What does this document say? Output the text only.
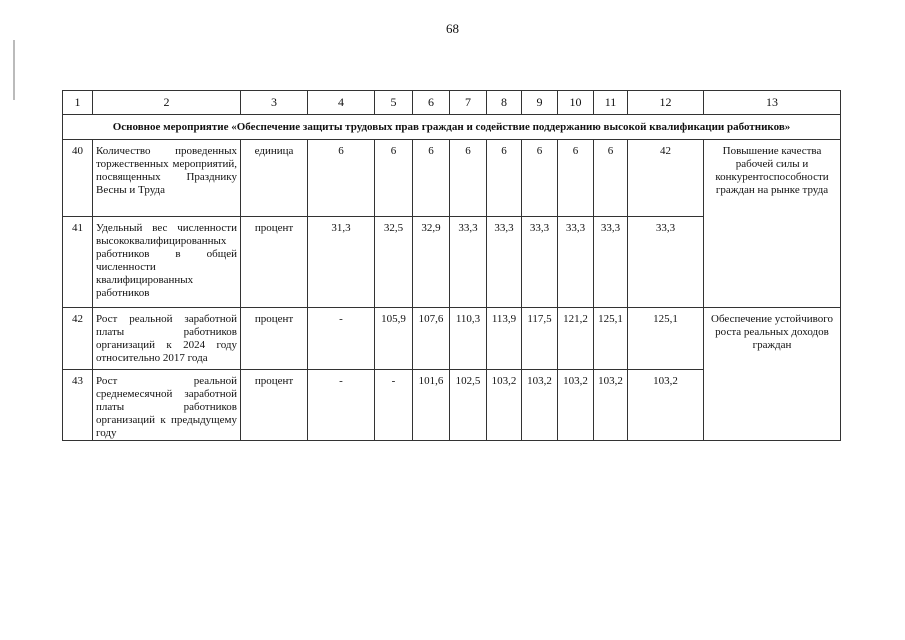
68
1	2	3	4	5	6	7	8	9	10	11	12	13
Основное мероприятие «Обеспечение защиты трудовых прав граждан и содействие поддержанию высокой квалификации работников»												
40	Количество проведенных торжественных мероприятий, посвященных Празднику Весны и Труда	единица	6	6	6	6	6	6	6	6	42	Повышение качества рабочей силы и конкурентоспособности граждан на рынке труда
41	Удельный вес численности высококвалифицированных работников в общей численности квалифицированных работников	процент	31,3	32,5	32,9	33,3	33,3	33,3	33,3	33,3	33,3	
42	Рост реальной заработной платы работников организаций к 2024 году относительно 2017 года	процент	-	105,9	107,6	110,3	113,9	117,5	121,2	125,1	125,1	Обеспечение устойчивого роста реальных доходов граждан
43	Рост реальной среднемесячной заработной платы работников организаций к предыдущему году	процент	-	-	101,6	102,5	103,2	103,2	103,2	103,2	103,2	
